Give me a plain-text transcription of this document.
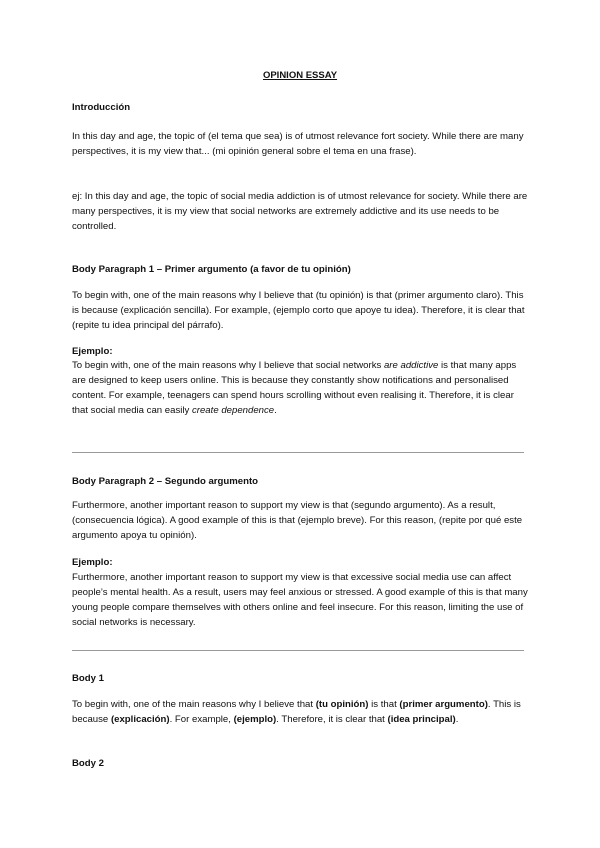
OPINION ESSAY
Introducción

In this day and age, the topic of (el tema que sea) is of utmost relevance fort society. While there are many perspectives, it is my view that... (mi opinión general sobre el tema en una frase).

ej: In this day and age, the topic of social media addiction is of utmost relevance for society. While there are many perspectives, it is my view that social networks are extremely addictive and its use needs to be controlled.

Body Paragraph 1 – Primer argumento (a favor de tu opinión)

To begin with, one of the main reasons why I believe that (tu opinión) is that (primer argumento claro). This is because (explicación sencilla). For example, (ejemplo corto que apoye tu idea). Therefore, it is clear that (repite tu idea principal del párrafo).

Ejemplo:

To begin with, one of the main reasons why I believe that social networks are addictive is that many apps are designed to keep users online. This is because they constantly show notifications and personalised content. For example, teenagers can spend hours scrolling without even realising it. Therefore, it is clear that social media can easily create dependence.

Body Paragraph 2 – Segundo argumento

Furthermore, another important reason to support my view is that (segundo argumento). As a result, (consecuencia lógica). A good example of this is that (ejemplo breve). For this reason, (repite por qué este argumento apoya tu opinión).

Ejemplo:

Furthermore, another important reason to support my view is that excessive social media use can affect people’s mental health. As a result, users may feel anxious or stressed. A good example of this is that many young people compare themselves with others online and feel insecure. For this reason, limiting the use of social networks is necessary.

Body 1

To begin with, one of the main reasons why I believe that (tu opinión) is that (primer argumento). This is because (explicación). For example, (ejemplo). Therefore, it is clear that (idea principal).

Body 2
